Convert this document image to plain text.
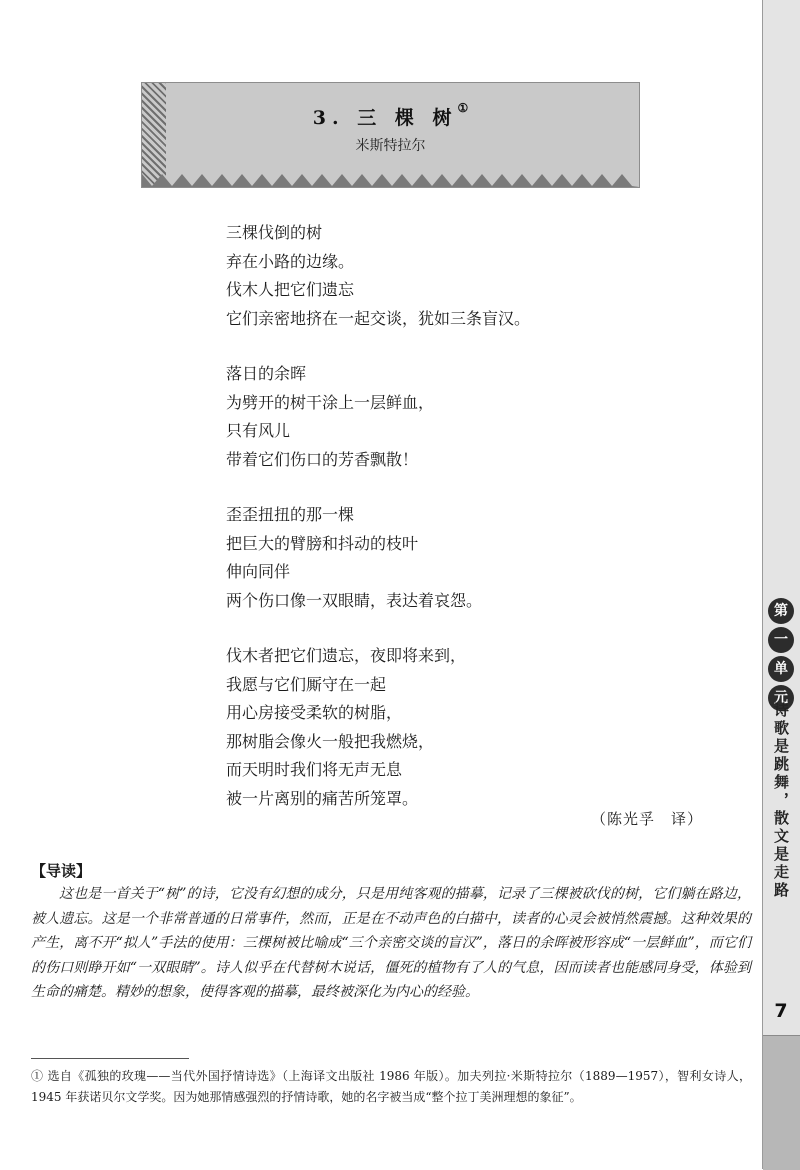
第
一
单
元
诗歌是跳舞，散文是走路
7
3. 三 棵 树①
米斯特拉尔
三棵伐倒的树
弃在小路的边缘。
伐木人把它们遗忘
它们亲密地挤在一起交谈，犹如三条盲汉。
落日的余晖
为劈开的树干涂上一层鲜血，
只有风儿
带着它们伤口的芳香飘散！
歪歪扭扭的那一棵
把巨大的臂膀和抖动的枝叶
伸向同伴
两个伤口像一双眼睛，表达着哀怨。
伐木者把它们遗忘，夜即将来到，
我愿与它们厮守在一起
用心房接受柔软的树脂，
那树脂会像火一般把我燃烧，
而天明时我们将无声无息
被一片离别的痛苦所笼罩。
（陈光孚　译）
【导读】
这也是一首关于“树”的诗，它没有幻想的成分，只是用纯客观的描摹，记录了三棵被砍伐的树，它们躺在路边，被人遗忘。这是一个非常普通的日常事件，然而，正是在不动声色的白描中，读者的心灵会被悄然震撼。这种效果的产生，离不开“拟人”手法的使用：三棵树被比喻成“三个亲密交谈的盲汉”，落日的余晖被形容成“一层鲜血”，而它们的伤口则睁开如“一双眼睛”。诗人似乎在代替树木说话，僵死的植物有了人的气息，因而读者也能感同身受，体验到生命的痛楚。精妙的想象，使得客观的描摹，最终被深化为内心的经验。
① 选自《孤独的玫瑰——当代外国抒情诗选》（上海译文出版社 1986 年版）。加夫列拉·米斯特拉尔（1889—1957），智利女诗人，1945 年获诺贝尔文学奖。因为她那情感强烈的抒情诗歌，她的名字被当成“整个拉丁美洲理想的象征”。
